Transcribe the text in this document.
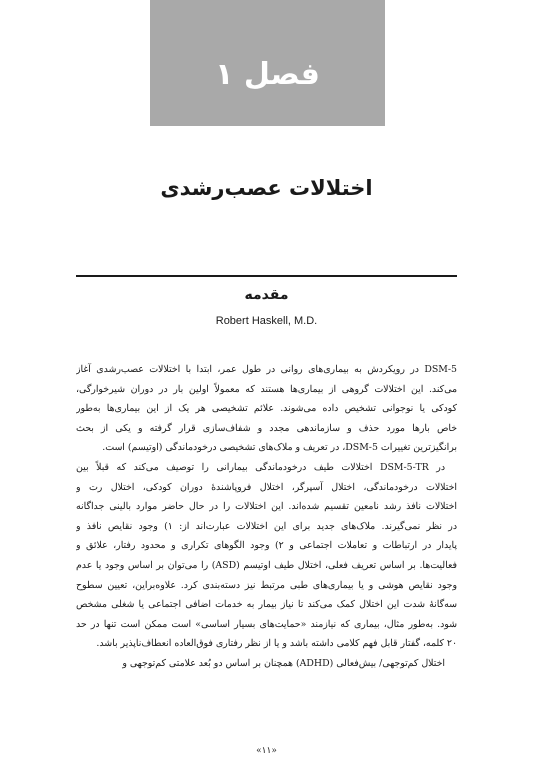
فصل ۱
اختلالات عصب‌رشدی
مقدمه
Robert Haskell, M.D.
DSM-5 در رویکردش به بیماری‌های روانی در طول عمر، ابتدا با اختلالات عصب‌رشدی آغاز
می‌کند. این اختلالات گروهی از بیماری‌ها هستند که معمولاً اولین بار در دوران شیرخوارگی،
کودکی یا نوجوانی تشخیص داده می‌شوند. علائم تشخیصی هر یک از این بیماری‌ها به‌طور
خاص بارها مورد حذف و سازماندهی مجدد و شفاف‌سازی قرار گرفته و یکی از بحث
برانگیزترین تغییرات DSM-5، در تعریف و ملاک‌های تشخیصی درخودماندگی (اوتیسم) است.
در DSM-5-TR اختلالات طیف درخودماندگی بیمارانی را توصیف می‌کند که قبلاً بین
اختلالات درخودماندگی، اختلال آسپرگر، اختلال فروپاشندهٔ دوران کودکی، اختلال رت و
اختلالات نافذ رشد نامعین تقسیم شده‌اند. این اختلالات را در حال حاضر موارد بالینی جداگانه
در نظر نمی‌گیرند. ملاک‌های جدید برای این اختلالات عبارت‌اند از: ۱) وجود نقایص نافذ و
پایدار در ارتباطات و تعاملات اجتماعی و ۲) وجود الگوهای تکراری و محدود رفتار، علائق و
فعالیت‌ها. بر اساس تعریف فعلی، اختلال طیف اوتیسم (ASD) را می‌توان بر اساس وجود یا عدم
وجود نقایص هوشی و یا بیماری‌های طبی مرتبط نیز دسته‌بندی کرد. علاوه‌براین، تعیین سطوح
سه‌گانهٔ شدت این اختلال کمک می‌کند تا نیاز بیمار به خدمات اضافی اجتماعی یا شغلی مشخص
شود. به‌طور مثال، بیماری که نیازمند «حمایت‌های بسیار اساسی» است ممکن است تنها در حد
۲۰ کلمه، گفتار قابل فهم کلامی داشته باشد و یا از نظر رفتاری فوق‌العاده انعطاف‌ناپذیر باشد.
اختلال کم‌توجهی/ بیش‌فعالی (ADHD) همچنان بر اساس دو بُعد علامتی کم‌توجهی و
«۱۱»
